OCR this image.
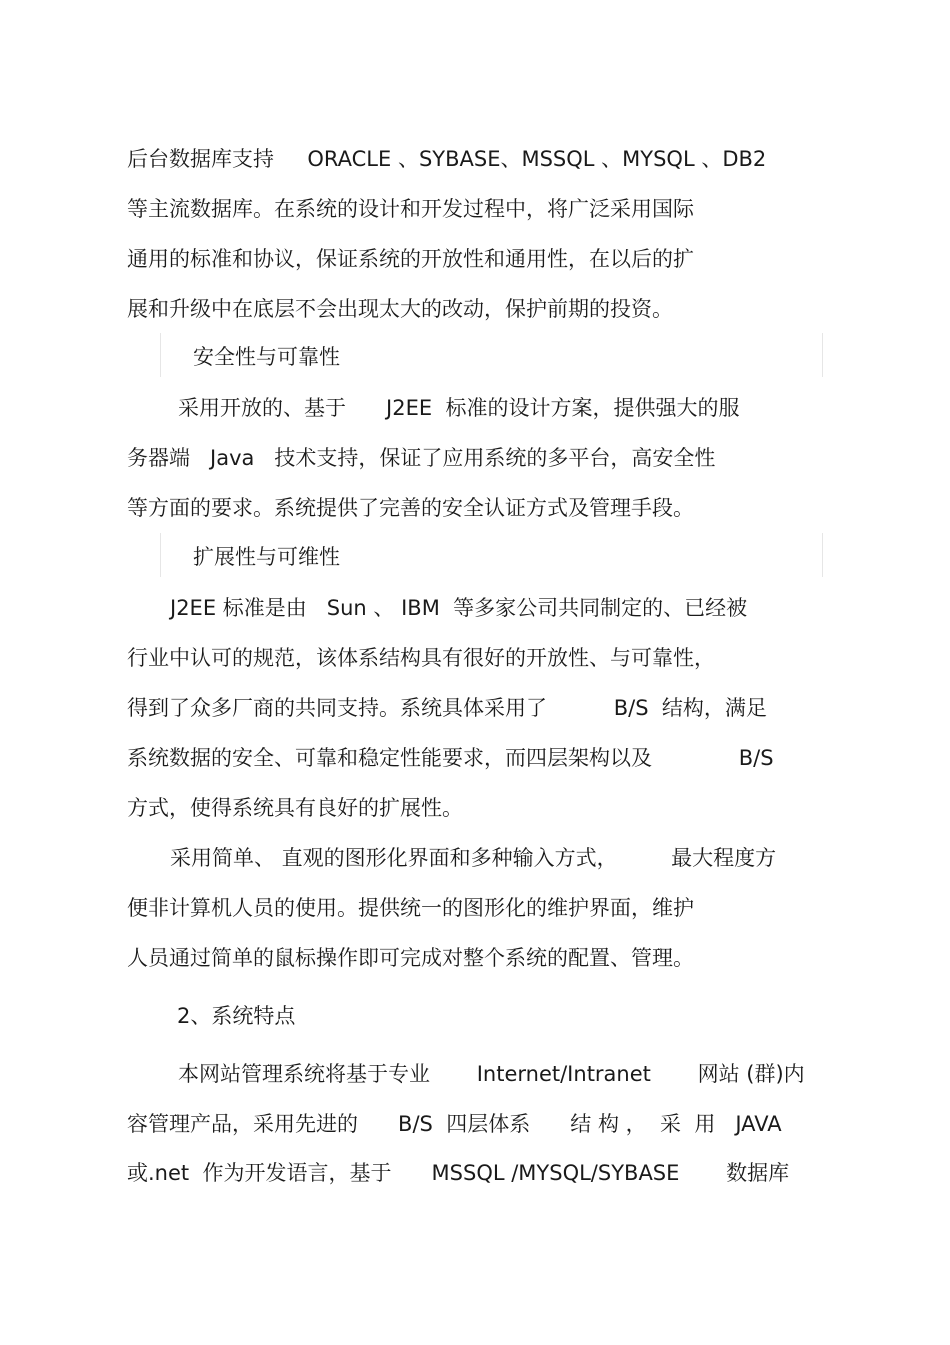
后台数据库支持     ORACLE 、SYBASE、MSSQL 、MYSQL 、DB2
等主流数据库。在系统的设计和开发过程中，将广泛采用国际
通用的标准和协议，保证系统的开放性和通用性，在以后的扩
展和升级中在底层不会出现太大的改动，保护前期的投资。
安全性与可靠性
采用开放的、基于      J2EE  标准的设计方案，提供强大的服
务器端   Java   技术支持，保证了应用系统的多平台，高安全性
等方面的要求。系统提供了完善的安全认证方式及管理手段。
扩展性与可维性
J2EE 标准是由   Sun 、 IBM  等多家公司共同制定的、已经被
行业中认可的规范，该体系结构具有很好的开放性、与可靠性，
得到了众多厂商的共同支持。系统具体采用了          B/S  结构，满足
系统数据的安全、可靠和稳定性能要求，而四层架构以及             B/S
方式，使得系统具有良好的扩展性。
采用简单、 直观的图形化界面和多种输入方式，        最大程度方
便非计算机人员的使用。提供统一的图形化的维护界面，维护
人员通过简单的鼠标操作即可完成对整个系统的配置、管理。
2、系统特点
本网站管理系统将基于专业       Internet/Intranet       网站 (群)内
容管理产品，采用先进的      B/S  四层体系      结 构 ，  采  用   JAVA
或.net  作为开发语言，基于      MSSQL /MYSQL/SYBASE       数据库
